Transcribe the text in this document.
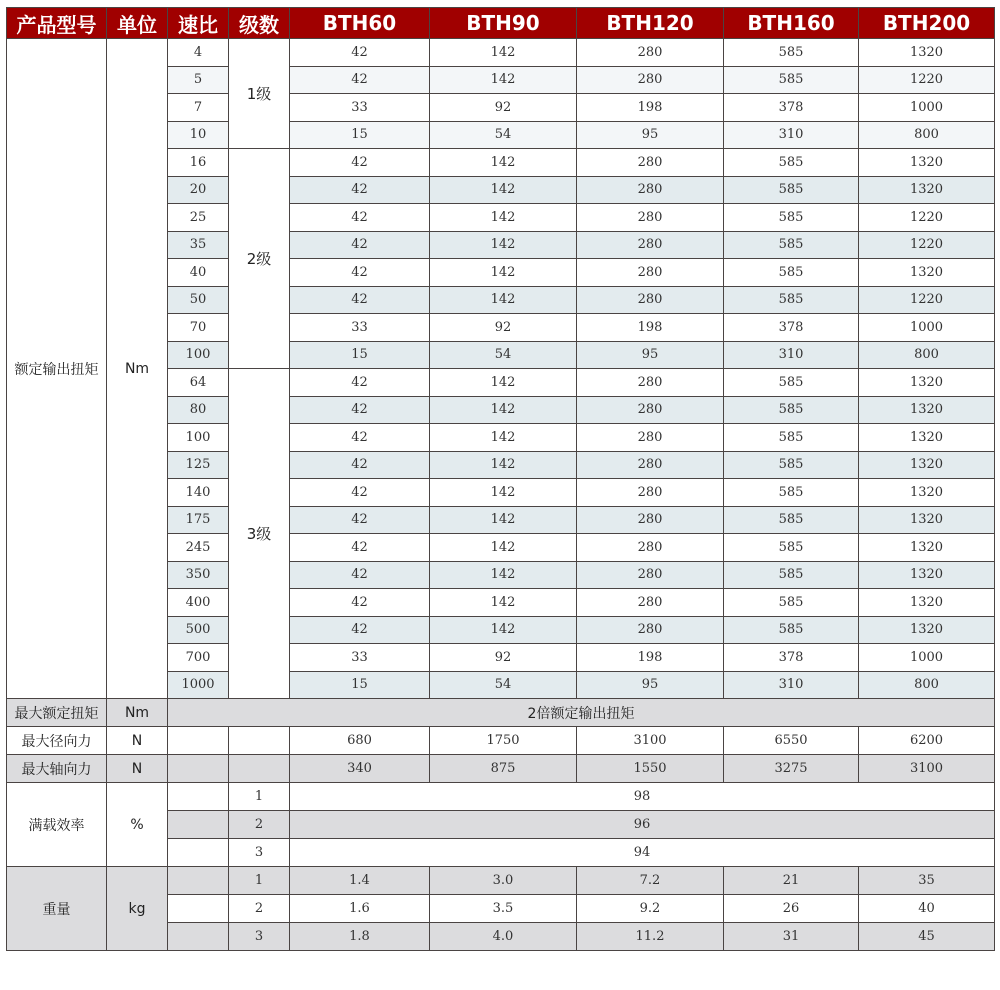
产品型号	单位	速比	级数	BTH60	BTH90	BTH120	BTH160	BTH200
额定输出扭矩	Nm	4	1级	42	142	280	585	1320
		5		42	142	280	585	1220
		7		33	92	198	378	1000
		10		15	54	95	310	800
		16	2级	42	142	280	585	1320
		20		42	142	280	585	1320
		25		42	142	280	585	1220
		35		42	142	280	585	1220
		40		42	142	280	585	1320
		50		42	142	280	585	1220
		70		33	92	198	378	1000
		100		15	54	95	310	800
		64	3级	42	142	280	585	1320
		80		42	142	280	585	1320
		100		42	142	280	585	1320
		125		42	142	280	585	1320
		140		42	142	280	585	1320
		175		42	142	280	585	1320
		245		42	142	280	585	1320
		350		42	142	280	585	1320
		400		42	142	280	585	1320
		500		42	142	280	585	1320
		700		33	92	198	378	1000
		1000		15	54	95	310	800
最大额定扭矩	Nm	2倍额定输出扭矩						
最大径向力	N			680	1750	3100	6550	6200
最大轴向力	N			340	875	1550	3275	3100
满载效率	%		1	98				
			2	96				
			3	94				
重量	kg		1	1.4	3.0	7.2	21	35
			2	1.6	3.5	9.2	26	40
			3	1.8	4.0	11.2	31	45
